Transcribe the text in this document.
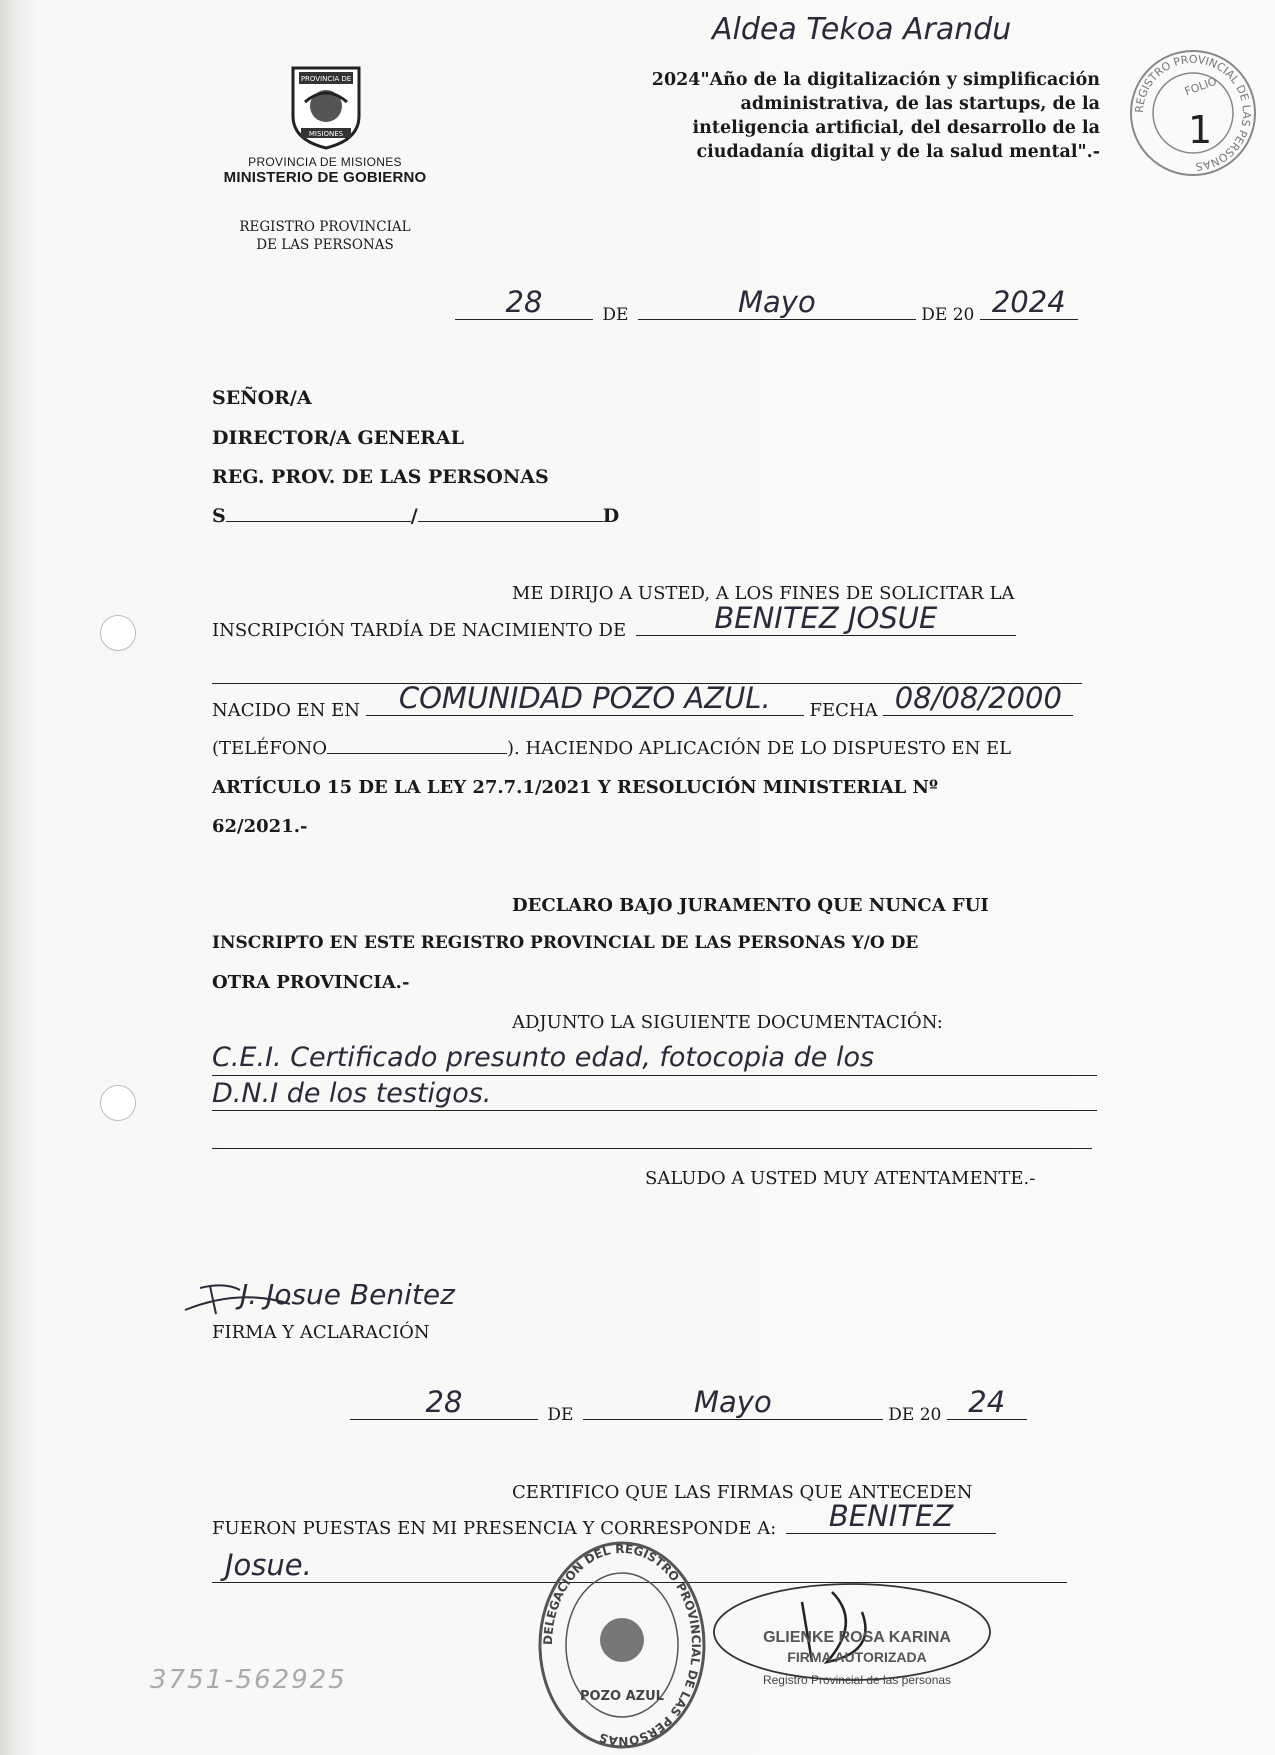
Aldea Tekoa Arandu
PROVINCIA DE
MISIONES
PROVINCIA DE MISIONES
MINISTERIO DE GOBIERNO
REGISTRO PROVINCIAL
DE LAS PERSONAS
2024"Año de la digitalización y simplificación
administrativa, de las startups, de la
inteligencia artificial, del desarrollo de la
ciudadanía digital y de la salud mental".-
REGISTRO PROVINCIAL DE LAS PERSONAS
FOLIO
1
28	DE	Mayo	DE 20 2024
SEÑOR/A
DIRECTOR/A GENERAL
REG. PROV. DE LAS PERSONAS
S	/	D
ME DIRIJO A USTED, A LOS FINES DE SOLICITAR LA
INSCRIPCIÓN TARDÍA DE NACIMIENTO DE	BENITEZ JOSUE
NACIDO EN EN	COMUNIDAD POZO AZUL.	FECHA 08/08/2000
(TELÉFONO	). HACIENDO APLICACIÓN DE LO DISPUESTO EN EL
ARTÍCULO 15 DE LA LEY 27.7.1/2021 Y RESOLUCIÓN MINISTERIAL Nº
62/2021.-
DECLARO BAJO JURAMENTO QUE NUNCA FUI
INSCRIPTO EN ESTE REGISTRO PROVINCIAL DE LAS PERSONAS Y/O DE
OTRA PROVINCIA.-
ADJUNTO LA SIGUIENTE DOCUMENTACIÓN:
C.E.I. Certificado presunto edad, fotocopia de los
D.N.I de los testigos.
SALUDO A USTED MUY ATENTAMENTE.-
J. Josue Benitez
FIRMA Y ACLARACIÓN
28	DE	Mayo	DE 20 24
CERTIFICO QUE LAS FIRMAS QUE ANTECEDEN
FUERON PUESTAS EN MI PRESENCIA Y CORRESPONDE A:	BENITEZ
Josue.
DELEGACIÓN DEL REGISTRO PROVINCIAL DE LAS PERSONAS
POZO AZUL
GLIENKE ROSA KARINA
FIRMA AUTORIZADA
Registro Provincial de las personas
3751-562925
